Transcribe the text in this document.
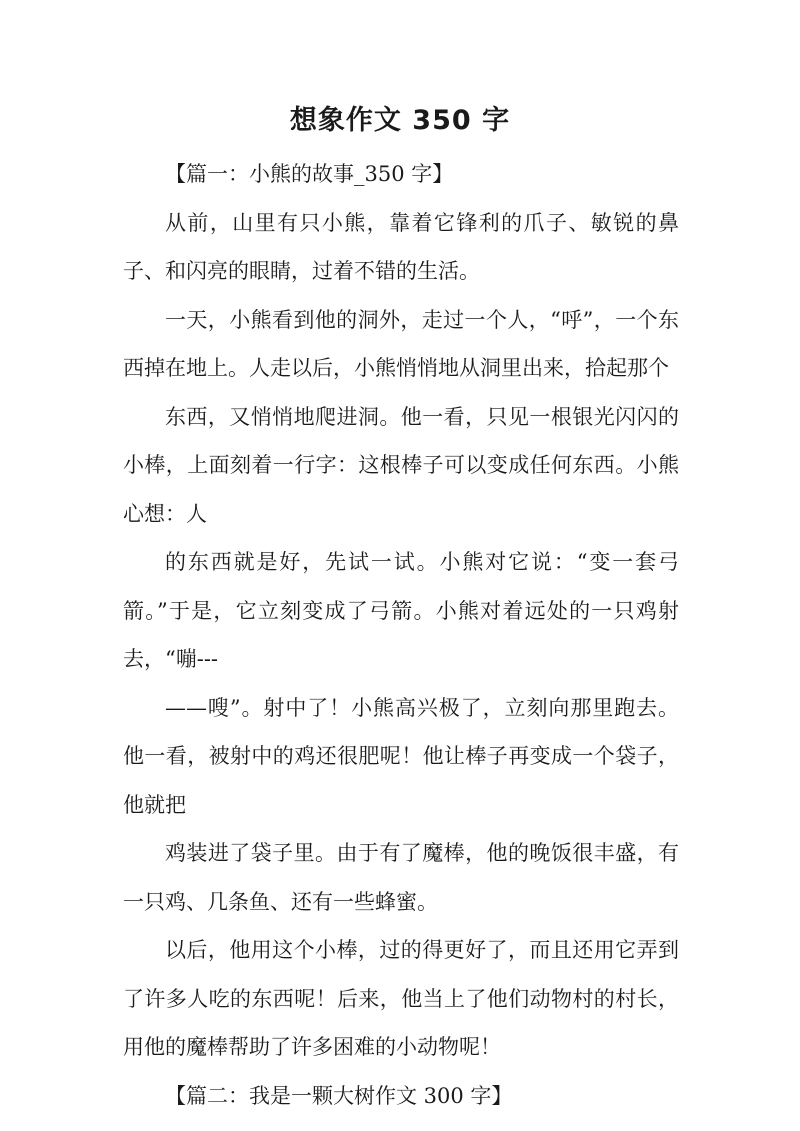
想象作文 350 字

【篇一：小熊的故事_350 字】

从前，山里有只小熊，靠着它锋利的爪子、敏锐的鼻子、和闪亮的眼睛，过着不错的生活。

一天，小熊看到他的洞外，走过一个人，“呼”，一个东西掉在地上。人走以后，小熊悄悄地从洞里出来，拾起那个

东西，又悄悄地爬进洞。他一看，只见一根银光闪闪的小棒，上面刻着一行字：这根棒子可以变成任何东西。小熊心想：人

的东西就是好，先试一试。小熊对它说：“变一套弓箭。”于是，它立刻变成了弓箭。小熊对着远处的一只鸡射去，“嘣---

——嗖”。射中了！小熊高兴极了，立刻向那里跑去。他一看，被射中的鸡还很肥呢！他让棒子再变成一个袋子，他就把

鸡装进了袋子里。由于有了魔棒，他的晚饭很丰盛，有一只鸡、几条鱼、还有一些蜂蜜。

以后，他用这个小棒，过的得更好了，而且还用它弄到了许多人吃的东西呢！后来，他当上了他们动物村的村长，用他的魔棒帮助了许多困难的小动物呢！

【篇二：我是一颗大树作文 300 字】
